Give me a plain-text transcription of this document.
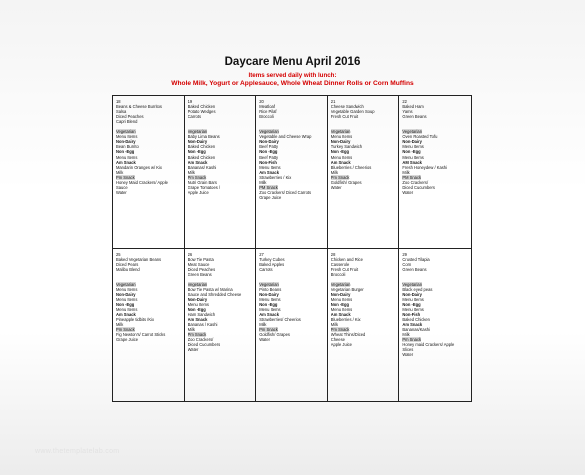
Daycare Menu April 2016
Items served daily with lunch:
Whole Milk, Yogurt or Applesauce, Whole Wheat Dinner Rolls or Corn Muffins
18
Beans & Cheese Burritos
Salsa
Diced Peaches
Capri Blend
Vegetarian
Menu Items
Non-Dairy
Bean Burrito
Non -Egg
Menu Items
Am Snack
Mandarin Oranges w/ Kix
Milk
Pm Snack
Honey Maid Crackers/ Apple
Sauce
Water
19
Baked Chicken
Potato Wedges
Carrots
Vegetarian
Baby Lima Beans
Non-Dairy
Baked Chicken
Non -Egg
Baked Chicken
Am Snack
Bananas/ Kashi
Milk
Pm Snack
Nutri Grain Bars
Grape Tomatoes /
Apple Juice
20
Meatloaf
Rice Pilaf
Broccoli
Vegetarian
Vegetable and Cheese Wrap
Non-Dairy
Beef Patty
Non -Egg
Beef Patty
Non-Fish
Menu Items
Am Snack
Strawberries / Kix
Milk
PM Snack
Zoo Crackers/ Diced Carrots
Grape Juice
21
Cheese Sandwich
Vegetable Garden Soup
Fresh Cut Fruit
Vegetarian
Menu Items
Non-Dairy
Turkey Sandwich
Non -Egg
Menu Items
Am Snack
Blueberries / Cheerios
Milk
Pm Snack
Goldfish/ Grapes
Water
22
Baked Ham
Yams
Green Beans
Vegetarian
Oven Roasted Tofu
Non-Dairy
Menu Items
Non -Egg
Menu Items
AM Snack
Fresh Honeydew / Kashi
Milk
PM Snack
Zoo Crackers/
Diced Cucumbers
Water
25
Baked Vegetarian Beans
Diced Pears
Malibu Blend
Vegetarian
Menu Items
Non-Dairy
Menu Items
Non -Egg
Menu Items
Am Snack
Pineapple tidbits /Kix
Milk
Pm Snack
Fig Newton's/ Carrot Sticks
Grape Juice
26
Bow Tie Pasta
Meat Sauce
Diced Peaches
Green Beans
Vegetarian
Bow Tie Pasta w/ Marina
Sauce and Shredded Cheese
Non-Dairy
Menu Items
Non -Egg
Ham Sandwich
Am Snack
Bananas / Kashi
Milk
Pm Snack
Zoo Crackers/
Diced Cucumbers
Water
27
Turkey Cubes
Baked Apples
Carrots
Vegetarian
Pinto Beans
Non-Dairy
Menu Items
Non -Egg
Menu Items
Am Snack
Strawberries/ Cheerios
Milk
Pm Snack
Goldfish/ Grapes
Water
28
Chicken and Rice
Casserole
Fresh Cut Fruit
Broccoli
Vegetarian
Vegetarian Burger
Non-Dairy
Menu Items
Non -Egg
Menu Items
Am Snack
Blueberries / Kix
Milk
Pm Snack
Wheat Thins/Diced
Cheese
Apple Juice
29
Crusted Tilapia
Corn
Green Beans
Vegetarian
Black eyed peas
Non-Dairy
Menu Items
Non -Egg
Menu Items
Non-Fish
Baked Chicken
Am Snack
Bananas/Kashi
Milk
Pm Snack
Honey maid Crackers/ Apple
Slices
Water
www.thetemplatelab.com
